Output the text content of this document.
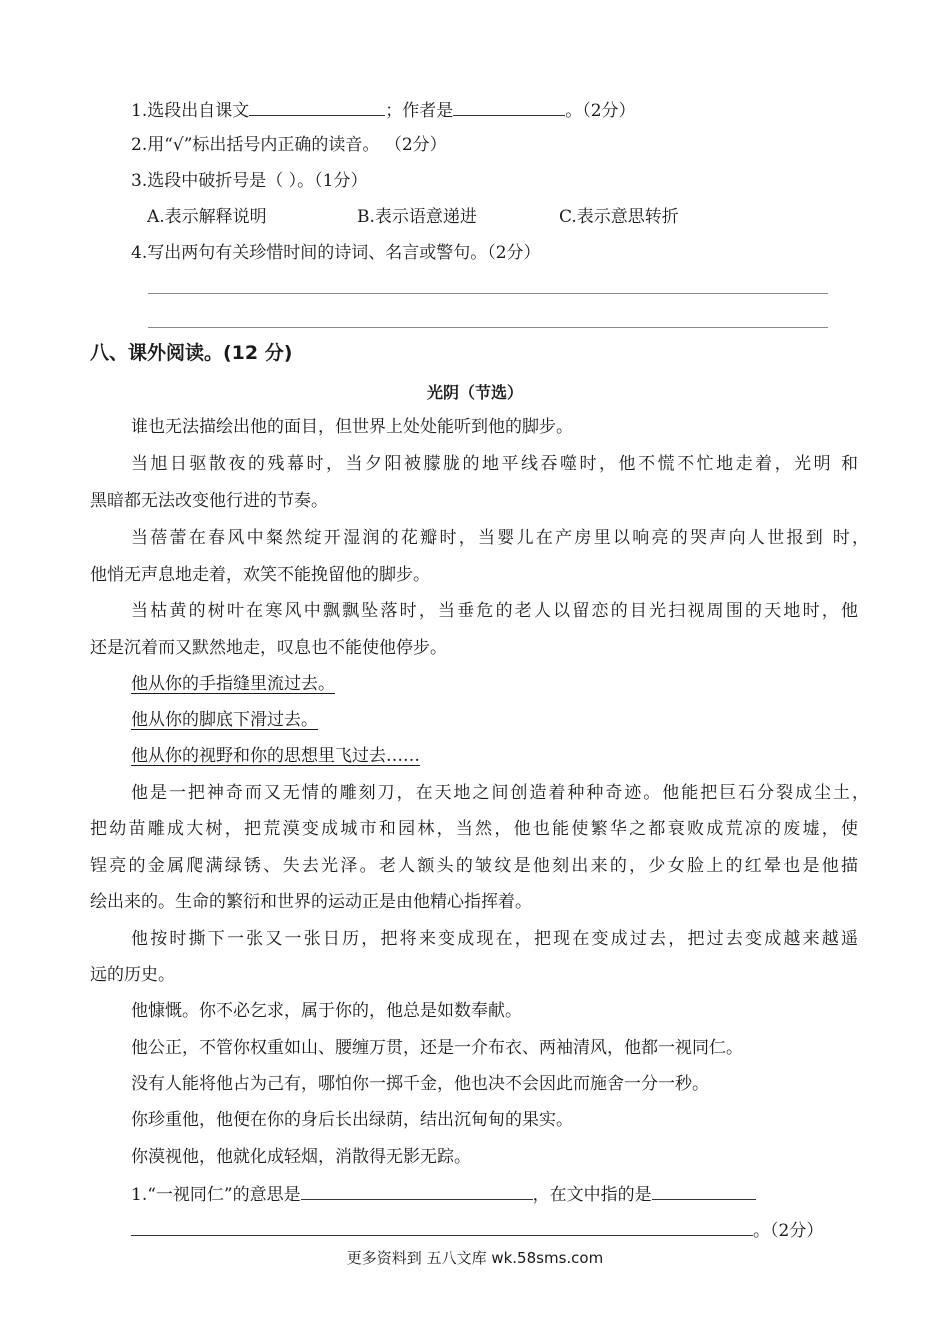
1.选段出自课文	；作者是	。（2分）
2.用“√”标出括号内正确的读音。 （2分）
3.选段中破折号是（ ）。（1分）
A.表示解释说明	B.表示语意递进	C.表示意思转折
4.写出两句有关珍惜时间的诗词、名言或警句。（2分）
八、课外阅读。(12 分)
光阴（节选）
谁也无法描绘出他的面目，但世界上处处能听到他的脚步。
当旭日驱散夜的残幕时，当夕阳被朦胧的地平线吞噬时，他不慌不忙地走着，光明 和
黑暗都无法改变他行进的节奏。
当蓓蕾在春风中粲然绽开湿润的花瓣时，当婴儿在产房里以响亮的哭声向人世报到 时，
他悄无声息地走着，欢笑不能挽留他的脚步。
当枯黄的树叶在寒风中飘飘坠落时，当垂危的老人以留恋的目光扫视周围的天地时，他
还是沉着而又默然地走，叹息也不能使他停步。
他从你的手指缝里流过去。
他从你的脚底下滑过去。
他从你的视野和你的思想里飞过去……
他是一把神奇而又无情的雕刻刀，在天地之间创造着种种奇迹。他能把巨石分裂成尘土，
把幼苗雕成大树，把荒漠变成城市和园林，当然，他也能使繁华之都衰败成荒凉的废墟，使
锃亮的金属爬满绿锈、失去光泽。老人额头的皱纹是他刻出来的，少女脸上的红晕也是他描
绘出来的。生命的繁衍和世界的运动正是由他精心指挥着。
他按时撕下一张又一张日历，把将来变成现在，把现在变成过去，把过去变成越来越遥
远的历史。
他慷慨。你不必乞求，属于你的，他总是如数奉献。
他公正，不管你权重如山、腰缠万贯，还是一介布衣、两袖清风，他都一视同仁。
没有人能将他占为己有，哪怕你一掷千金，他也决不会因此而施舍一分一秒。
你珍重他，他便在你的身后长出绿荫，结出沉甸甸的果实。
你漠视他，他就化成轻烟，消散得无影无踪。
1.“一视同仁”的意思是	，在文中指的是
。（2分）
更多资料到 五八文库 wk.58sms.com
